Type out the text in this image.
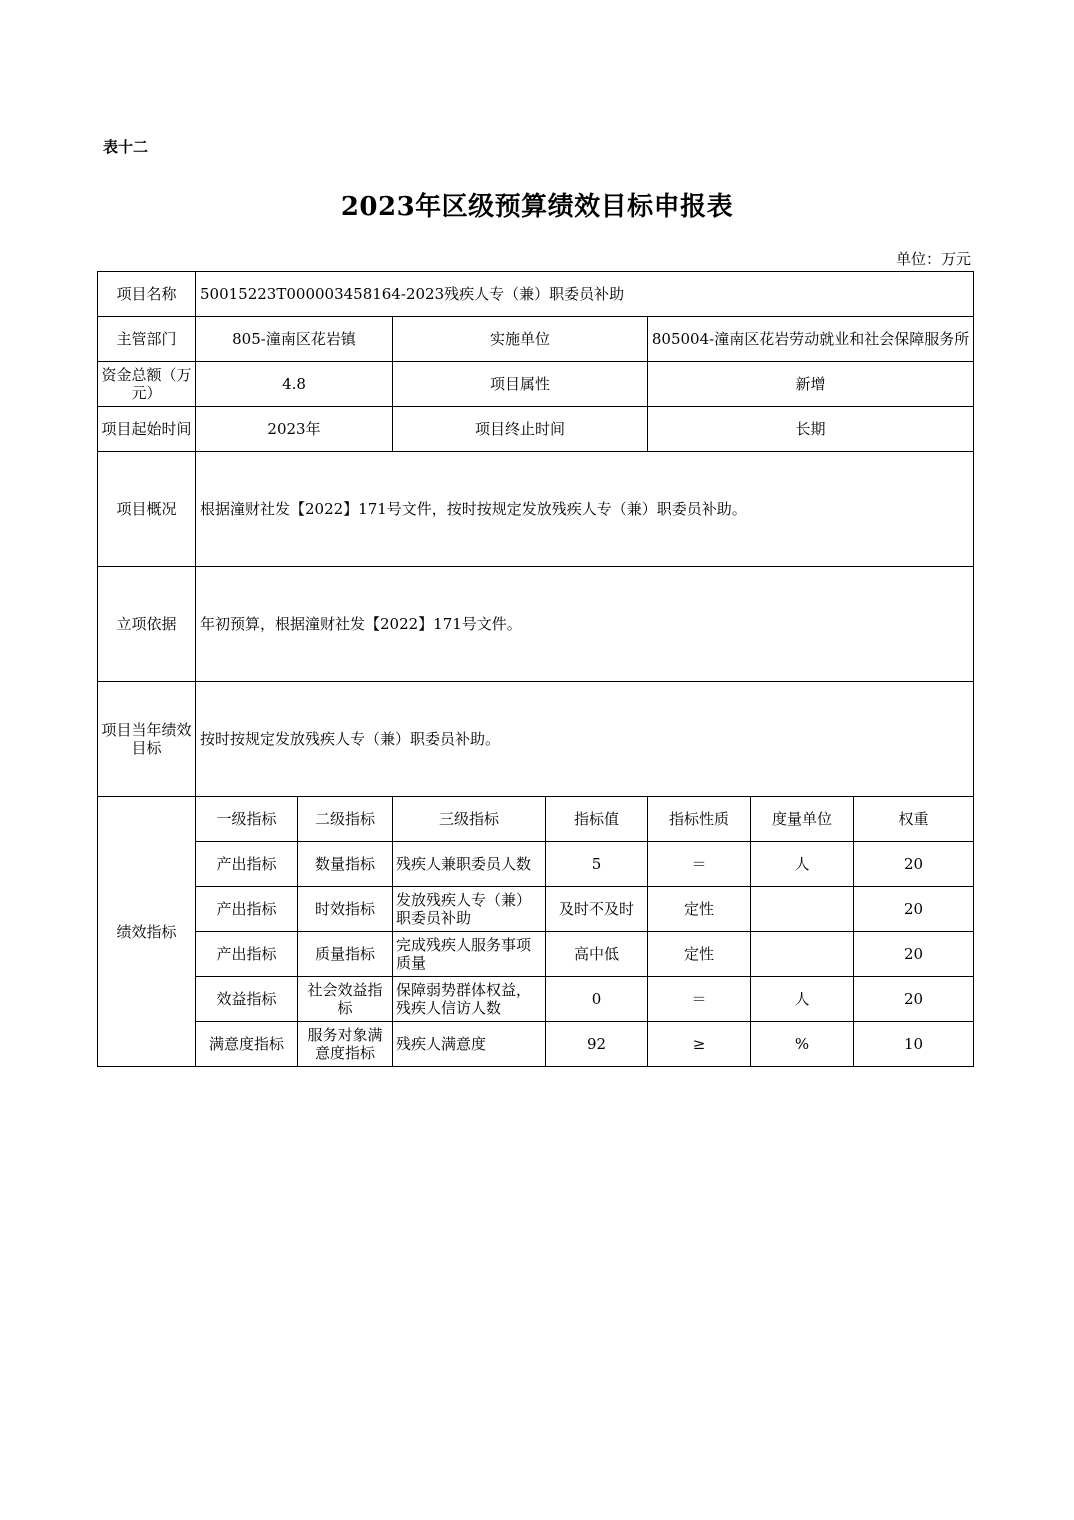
表十二
2023年区级预算绩效目标申报表
单位：万元
项目名称	50015223T000003458164-2023残疾人专（兼）职委员补助						
主管部门	805-潼南区花岩镇		实施单位		805004-潼南区花岩劳动就业和社会保障服务所		
资金总额（万元）	4.8		项目属性		新增		
项目起始时间	2023年		项目终止时间		长期		
项目概况	根据潼财社发【2022】171号文件，按时按规定发放残疾人专（兼）职委员补助。						
立项依据	年初预算，根据潼财社发【2022】171号文件。						
项目当年绩效目标	按时按规定发放残疾人专（兼）职委员补助。						
绩效指标	一级指标	二级指标	三级指标	指标值	指标性质	度量单位	权重
	产出指标	数量指标	残疾人兼职委员人数	5	＝	人	20
	产出指标	时效指标	发放残疾人专（兼）职委员补助	及时不及时	定性		20
	产出指标	质量指标	完成残疾人服务事项质量	高中低	定性		20
	效益指标	社会效益指标	保障弱势群体权益，残疾人信访人数	0	＝	人	20
	满意度指标	服务对象满意度指标	残疾人满意度	92	≥	%	10
